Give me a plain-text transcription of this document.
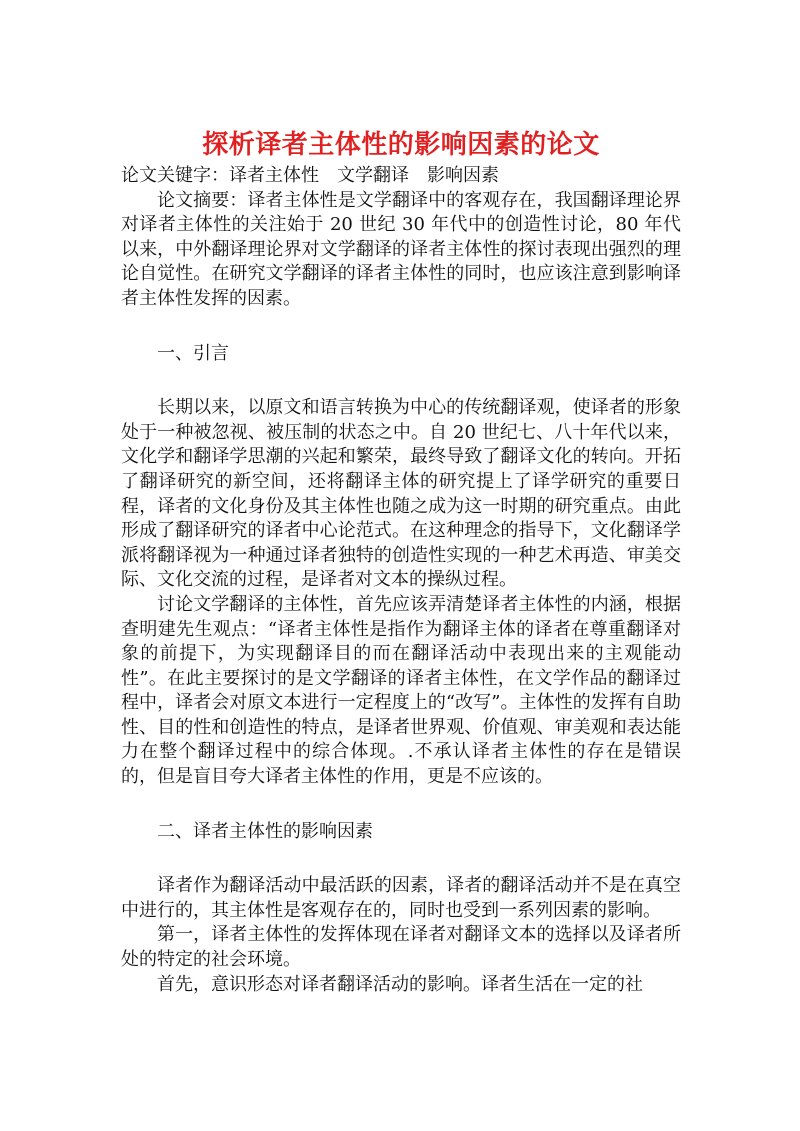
探析译者主体性的影响因素的论文

论文关键字：译者主体性 文学翻译 影响因素

论文摘要：译者主体性是文学翻译中的客观存在，我国翻译理论界对译者主体性的关注始于 20 世纪 30 年代中的创造性讨论，80 年代以来，中外翻译理论界对文学翻译的译者主体性的探讨表现出强烈的理论自觉性。在研究文学翻译的译者主体性的同时，也应该注意到影响译者主体性发挥的因素。

一、引言

长期以来，以原文和语言转换为中心的传统翻译观，使译者的形象处于一种被忽视、被压制的状态之中。自 20 世纪七、八十年代以来，文化学和翻译学思潮的兴起和繁荣，最终导致了翻译文化的转向。开拓了翻译研究的新空间，还将翻译主体的研究提上了译学研究的重要日程，译者的文化身份及其主体性也随之成为这一时期的研究重点。由此形成了翻译研究的译者中心论范式。在这种理念的指导下，文化翻译学派将翻译视为一种通过译者独特的创造性实现的一种艺术再造、审美交际、文化交流的过程，是译者对文本的操纵过程。

讨论文学翻译的主体性，首先应该弄清楚译者主体性的内涵，根据查明建先生观点：“译者主体性是指作为翻译主体的译者在尊重翻译对象的前提下，为实现翻译目的而在翻译活动中表现出来的主观能动性”。在此主要探讨的是文学翻译的译者主体性，在文学作品的翻译过程中，译者会对原文本进行一定程度上的“改写”。主体性的发挥有自助性、目的性和创造性的特点，是译者世界观、价值观、审美观和表达能力在整个翻译过程中的综合体现。.不承认译者主体性的存在是错误的，但是盲目夸大译者主体性的作用，更是不应该的。

二、译者主体性的影响因素

译者作为翻译活动中最活跃的因素，译者的翻译活动并不是在真空中进行的，其主体性是客观存在的，同时也受到一系列因素的影响。

第一，译者主体性的发挥体现在译者对翻译文本的选择以及译者所处的特定的社会环境。

首先，意识形态对译者翻译活动的影响。译者生活在一定的社
